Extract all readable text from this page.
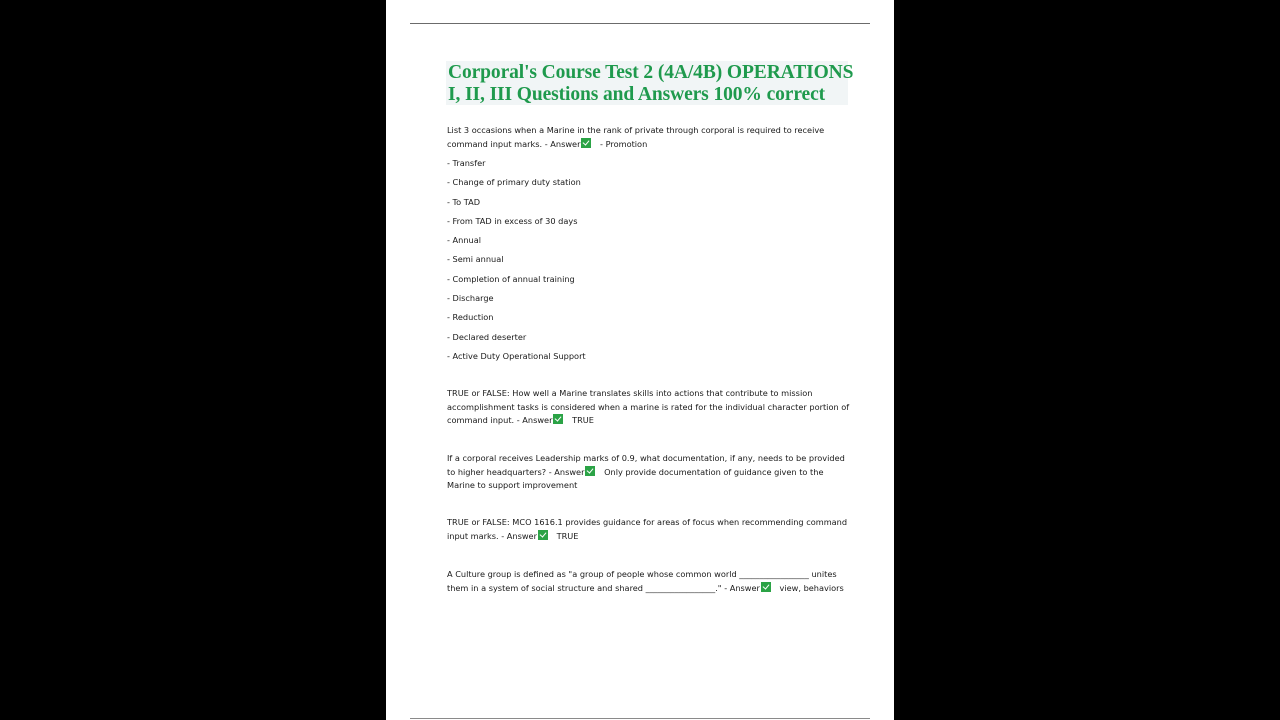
Corporal's Course Test 2 (4A/4B) OPERATIONS I, II, III Questions and Answers 100% correct

List 3 occasions when a Marine in the rank of private through corporal is required to receive command input marks. - Answer - Promotion

- Transfer

- Change of primary duty station

- To TAD

- From TAD in excess of 30 days

- Annual

- Semi annual

- Completion of annual training

- Discharge

- Reduction

- Declared deserter

- Active Duty Operational Support

TRUE or FALSE: How well a Marine translates skills into actions that contribute to mission accomplishment tasks is considered when a marine is rated for the individual character portion of command input. - Answer TRUE

If a corporal receives Leadership marks of 0.9, what documentation, if any, needs to be provided to higher headquarters? - Answer Only provide documentation of guidance given to the Marine to support improvement

TRUE or FALSE: MCO 1616.1 provides guidance for areas of focus when recommending command input marks. - Answer TRUE

A Culture group is defined as "a group of people whose common world _________________ unites them in a system of social structure and shared _________________." - Answer view, behaviors
